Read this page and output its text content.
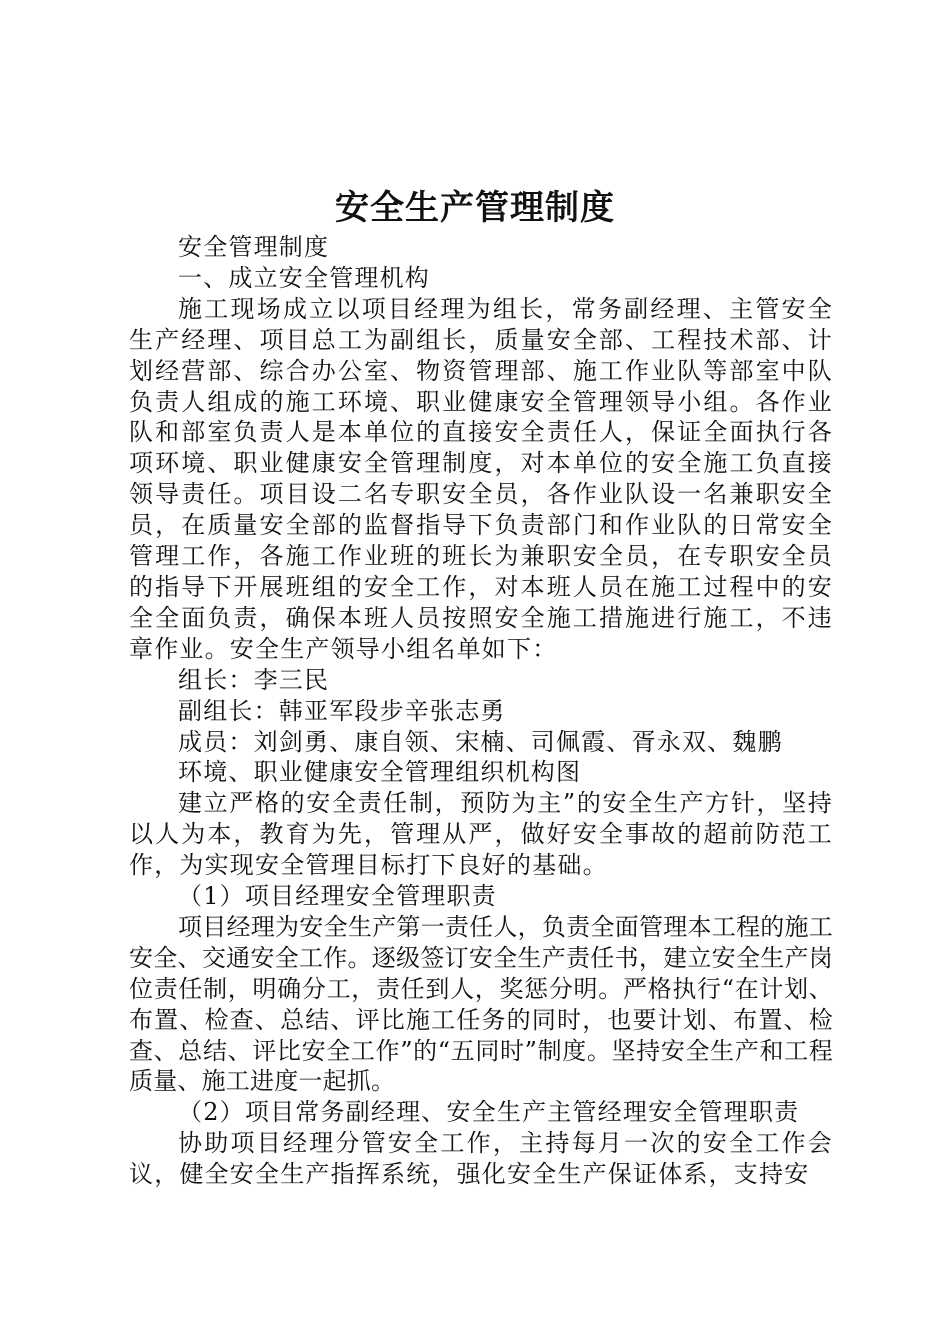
安全生产管理制度

安全管理制度

一、成立安全管理机构

施工现场成立以项目经理为组长，常务副经理、主管安全生产经理、项目总工为副组长，质量安全部、工程技术部、计划经营部、综合办公室、物资管理部、施工作业队等部室中队负责人组成的施工环境、职业健康安全管理领导小组。各作业队和部室负责人是本单位的直接安全责任人，保证全面执行各项环境、职业健康安全管理制度，对本单位的安全施工负直接领导责任。项目设二名专职安全员，各作业队设一名兼职安全员，在质量安全部的监督指导下负责部门和作业队的日常安全管理工作，各施工作业班的班长为兼职安全员，在专职安全员的指导下开展班组的安全工作，对本班人员在施工过程中的安全全面负责，确保本班人员按照安全施工措施进行施工，不违章作业。安全生产领导小组名单如下：

组长：李三民

副组长：韩亚军段步辛张志勇

成员：刘剑勇、康自领、宋楠、司佩霞、胥永双、魏鹏

环境、职业健康安全管理组织机构图

建立严格的安全责任制，预防为主”的安全生产方针，坚持以人为本，教育为先，管理从严，做好安全事故的超前防范工作，为实现安全管理目标打下良好的基础。

（1）项目经理安全管理职责

项目经理为安全生产第一责任人，负责全面管理本工程的施工安全、交通安全工作。逐级签订安全生产责任书，建立安全生产岗位责任制，明确分工，责任到人，奖惩分明。严格执行“在计划、布置、检查、总结、评比施工任务的同时，也要计划、布置、检查、总结、评比安全工作”的“五同时”制度。坚持安全生产和工程质量、施工进度一起抓。

（2）项目常务副经理、安全生产主管经理安全管理职责

协助项目经理分管安全工作，主持每月一次的安全工作会议，健全安全生产指挥系统，强化安全生产保证体系，支持安
